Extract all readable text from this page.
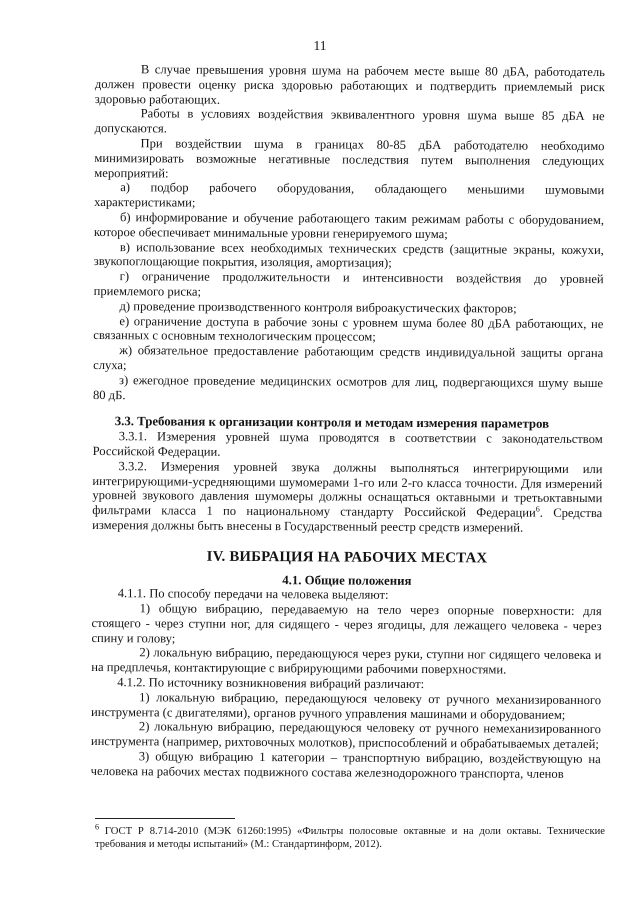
11

В случае превышения уровня шума на рабочем месте выше 80 дБА, работодатель должен провести оценку риска здоровью работающих и подтвердить приемлемый риск здоровью работающих.

Работы в условиях воздействия эквивалентного уровня шума выше 85 дБА не допускаются.

При воздействии шума в границах 80-85 дБА работодателю необходимо минимизировать возможные негативные последствия путем выполнения следующих мероприятий:

а) подбор рабочего оборудования, обладающего меньшими шумовыми характеристиками;

б) информирование и обучение работающего таким режимам работы с оборудованием, которое обеспечивает минимальные уровни генерируемого шума;

в) использование всех необходимых технических средств (защитные экраны, кожухи, звукопоглощающие покрытия, изоляция, амортизация);

г) ограничение продолжительности и интенсивности воздействия до уровней приемлемого риска;

д) проведение производственного контроля виброакустических факторов;

е) ограничение доступа в рабочие зоны с уровнем шума более 80 дБА работающих, не связанных с основным технологическим процессом;

ж) обязательное предоставление работающим средств индивидуальной защиты органа слуха;

з) ежегодное проведение медицинских осмотров для лиц, подвергающихся шуму выше 80 дБ.

3.3. Требования к организации контроля и методам измерения параметров

3.3.1. Измерения уровней шума проводятся в соответствии с законодательством Российской Федерации.

3.3.2. Измерения уровней звука должны выполняться интегрирующими или интегрирующими-усредняющими шумомерами 1-го или 2-го класса точности. Для измерений уровней звукового давления шумомеры должны оснащаться октавными и третьоктавными фильтрами класса 1 по национальному стандарту Российской Федерации$^6$. Средства измерения должны быть внесены в Государственный реестр средств измерений.

IV. ВИБРАЦИЯ НА РАБОЧИХ МЕСТАХ

4.1. Общие положения

4.1.1. По способу передачи на человека выделяют:

1) общую вибрацию, передаваемую на тело через опорные поверхности: для стоящего - через ступни ног, для сидящего - через ягодицы, для лежащего человека - через спину и голову;

2) локальную вибрацию, передающуюся через руки, ступни ног сидящего человека и на предплечья, контактирующие с вибрирующими рабочими поверхностями.

4.1.2. По источнику возникновения вибраций различают:

1) локальную вибрацию, передающуюся человеку от ручного механизированного инструмента (с двигателями), органов ручного управления машинами и оборудованием;

2) локальную вибрацию, передающуюся человеку от ручного немеханизированного инструмента (например, рихтовочных молотков), приспособлений и обрабатываемых деталей;

3) общую вибрацию 1 категории – транспортную вибрацию, воздействующую на человека на рабочих местах подвижного состава железнодорожного транспорта, членов

$^6$ ГОСТ Р 8.714-2010 (МЭК 61260:1995) «Фильтры полосовые октавные и на доли октавы. Технические требования и методы испытаний» (М.: Стандартинформ, 2012).
